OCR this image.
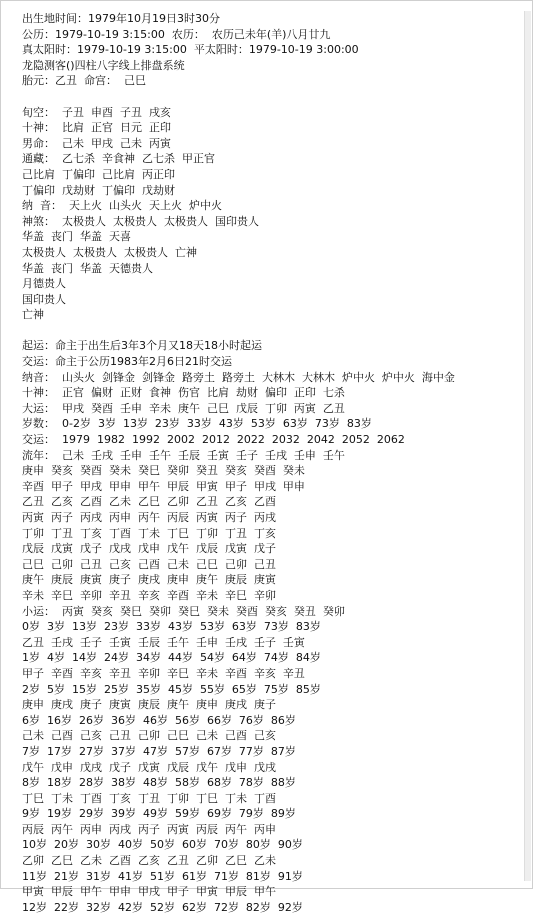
出生地时间：1979年10月19日3时30分
公历：1979-10-19 3:15:00  农历：  农历己未年(羊)八月廿九
真太阳时：1979-10-19 3:15:00  平太阳时：1979-10-19 3:00:00
龙隐测客()四柱八字线上排盘系统
胎元：乙丑  命宫：  己巳
旬空：  子丑  申酉  子丑  戌亥
十神：  比肩  正官  日元  正印
男命：  己未  甲戌  己未  丙寅
通藏：  乙七杀  辛食神  乙七杀  甲正官
己比肩  丁偏印  己比肩  丙正印
丁偏印  戊劫财  丁偏印  戊劫财
纳  音：  天上火  山头火  天上火  炉中火
神煞：  太极贵人  太极贵人  太极贵人  国印贵人
华盖  丧门  华盖  天喜
太极贵人  太极贵人  太极贵人  亡神
华盖  丧门  华盖  天德贵人
月德贵人
国印贵人
亡神
起运：命主于出生后3年3个月又18天18小时起运
交运：命主于公历1983年2月6日21时交运
纳音：  山头火  剑锋金  剑锋金  路旁土  路旁土  大林木  大林木  炉中火  炉中火  海中金
十神：  正官  偏财  正财  食神  伤官  比肩  劫财  偏印  正印  七杀
大运：  甲戌  癸酉  壬申  辛未  庚午  己巳  戊辰  丁卯  丙寅  乙丑
岁数：  0-2岁  3岁  13岁  23岁  33岁  43岁  53岁  63岁  73岁  83岁
交运：  1979  1982  1992  2002  2012  2022  2032  2042  2052  2062
流年：  己未  壬戌  壬申  壬午  壬辰  壬寅  壬子  壬戌  壬申  壬午
庚申  癸亥  癸酉  癸未  癸巳  癸卯  癸丑  癸亥  癸酉  癸未
辛酉  甲子  甲戌  甲申  甲午  甲辰  甲寅  甲子  甲戌  甲申
乙丑  乙亥  乙酉  乙未  乙巳  乙卯  乙丑  乙亥  乙酉
丙寅  丙子  丙戌  丙申  丙午  丙辰  丙寅  丙子  丙戌
丁卯  丁丑  丁亥  丁酉  丁未  丁巳  丁卯  丁丑  丁亥
戊辰  戊寅  戊子  戊戌  戊申  戊午  戊辰  戊寅  戊子
己巳  己卯  己丑  己亥  己酉  己未  己巳  己卯  己丑
庚午  庚辰  庚寅  庚子  庚戌  庚申  庚午  庚辰  庚寅
辛未  辛巳  辛卯  辛丑  辛亥  辛酉  辛未  辛巳  辛卯
小运：  丙寅  癸亥  癸巳  癸卯  癸巳  癸未  癸酉  癸亥  癸丑  癸卯
0岁  3岁  13岁  23岁  33岁  43岁  53岁  63岁  73岁  83岁
乙丑  壬戌  壬子  壬寅  壬辰  壬午  壬申  壬戌  壬子  壬寅
1岁  4岁  14岁  24岁  34岁  44岁  54岁  64岁  74岁  84岁
甲子  辛酉  辛亥  辛丑  辛卯  辛巳  辛未  辛酉  辛亥  辛丑
2岁  5岁  15岁  25岁  35岁  45岁  55岁  65岁  75岁  85岁
庚申  庚戌  庚子  庚寅  庚辰  庚午  庚申  庚戌  庚子
6岁  16岁  26岁  36岁  46岁  56岁  66岁  76岁  86岁
己未  己酉  己亥  己丑  己卯  己巳  己未  己酉  己亥
7岁  17岁  27岁  37岁  47岁  57岁  67岁  77岁  87岁
戊午  戊申  戊戌  戊子  戊寅  戊辰  戊午  戊申  戊戌
8岁  18岁  28岁  38岁  48岁  58岁  68岁  78岁  88岁
丁巳  丁未  丁酉  丁亥  丁丑  丁卯  丁巳  丁未  丁酉
9岁  19岁  29岁  39岁  49岁  59岁  69岁  79岁  89岁
丙辰  丙午  丙申  丙戌  丙子  丙寅  丙辰  丙午  丙申
10岁  20岁  30岁  40岁  50岁  60岁  70岁  80岁  90岁
乙卯  乙巳  乙未  乙酉  乙亥  乙丑  乙卯  乙巳  乙未
11岁  21岁  31岁  41岁  51岁  61岁  71岁  81岁  91岁
甲寅  甲辰  甲午  甲申  甲戌  甲子  甲寅  甲辰  甲午
12岁  22岁  32岁  42岁  52岁  62岁  72岁  82岁  92岁
